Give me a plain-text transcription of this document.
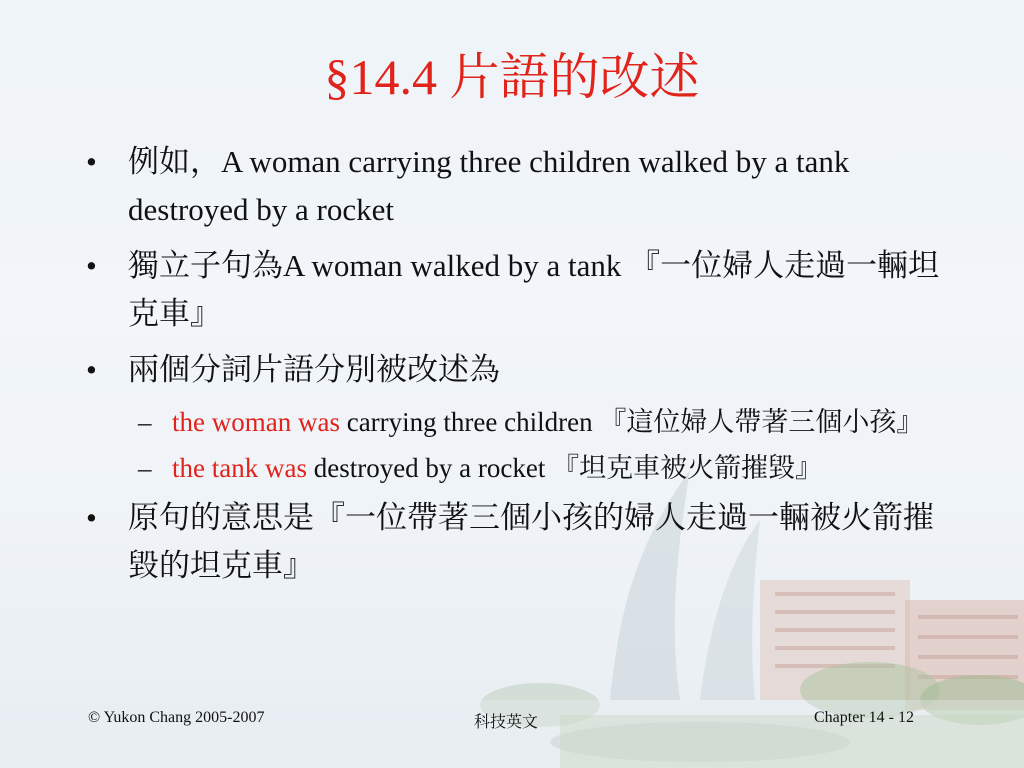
§14.4 片語的改述
• 例如，A woman carrying three children walked by a tank destroyed by a rocket
• 獨立子句為A woman walked by a tank 『一位婦人走過一輛坦克車』
• 兩個分詞片語分別被改述為
– the woman was carrying three children 『這位婦人帶著三個小孩』
– the tank was destroyed by a rocket 『坦克車被火箭摧毀』
• 原句的意思是『一位帶著三個小孩的婦人走過一輛被火箭摧毀的坦克車』
© Yukon Chang 2005-2007	科技英文	Chapter 14 - 12
